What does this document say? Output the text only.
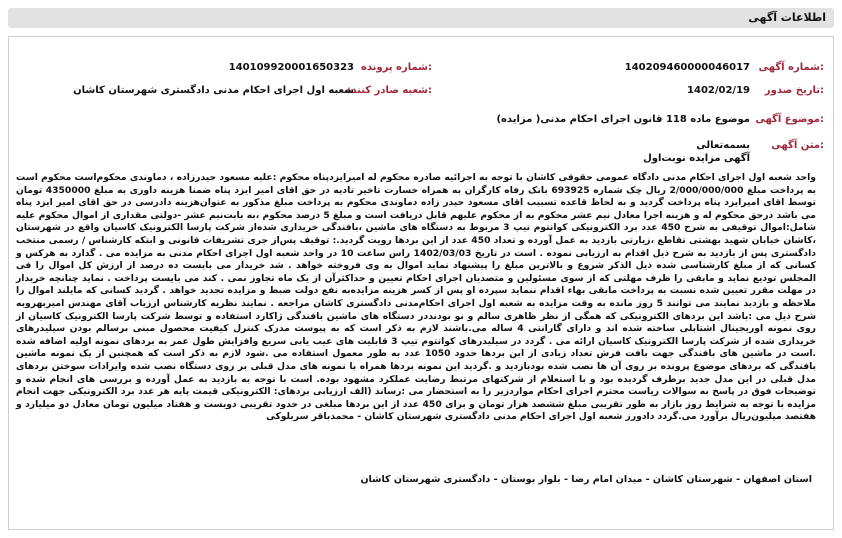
اطلاعات آگهی
شماره آگهی:
140209460000046017
تاریخ صدور:
1402/02/19
شماره پرونده:
140109920001650323
شعبه صادر کننده:
شعبه اول اجرای احکام مدنی دادگستری شهرستان کاشان
موضوع آگهی:
موضوع ماده 118 قانون اجرای احکام مدنی( مزایده)
متن آگهی:
بسمه‌تعالی
آگهی مزایده نوبت‌اول

واحد شعبه اول اجرای احکام مدنی دادگاه عمومی حقوقی کاشان با توجه به اجرائیه صادره محکوم له امیرایزدپناه محکوم :علیه مسعود حیدرزاده ، دماوندی محکوم‌است محکوم است به پرداخت مبلغ 2/000/000/000 ریال چک شماره 693925 بانک رفاه کارگران به همراه خسارت تاخیر تادیه در حق اقای امیر ایزد پناه ضمنا هزینه داوری به مبلغ 4350000 تومان توسط اقای امیرایزد پناه پرداخت گردید و به لحاظ قاعده تسبیب اقای مسعود حیدر زاده دماوندی محکوم به پرداخت مبلغ مذکور به عنوان‌هزینه دادرسی در حق اقای امیر ایزد پناه می باشد درحق محکوم له و هزینه اجرا معادل نیم عشر محکوم به از محکوم علیهم قابل دریافت است و مبلغ 5 درصد محکوم ،به بابت‌نیم عشر -دولتی مقداری از اموال محکوم علیه شامل:اموال توقیفی به شرح 450 عدد برد الکترونیکی کوانتوم تیپ 3 مربوط به دستگاه های ماشین ،بافندگی خریداری شده‌از شرکت پارسا الکترونیک کاسیان واقع در شهرستان ،کاشان خیابان شهید بهشتی تقاطع ،زیارتی بازدید به عمل آورده و تعداد 450 عدد از این بردها رویت گردید.: توقیف پس‌از جری تشریفات قانونی و ابتکه کارشناس / رسمی منتخب دادگستری پس از بازدید به شرح ذیل اقدام به ارزیابی نموده . است در تاریخ 1402/03/03 راس ساعت 10 در واحد شعبه اول اجرای احکام مدنی به مزایده می . گذارد به هرکس و کسانی که از مبلغ کارشناسی شده ذیل الذکر شروع و بالاترین مبلغ را پیشنهاد نماید اموال به وی فروخته خواهد . شد خریدار می بایست ده درصد از ارزش کل اموال را فی المجلس تودیع نماید و مابقی را ظرف مهلتی که از سوی مسئولین و متصدیان اجرای احکام تعیین و حداکثرآن از یک ماه تجاوز نمی . کند می بایست پرداخت . نماید چنانچه خریدار در مهلت مقرر تعیین شده نسبت به پرداخت مابقی بهاء اقدام ننماید سپرده او پس از کسر هزینه مزایده‌به نفع دولت ضبط و مزایده تجدید خواهد . گردید کسانی که مایلند اموال را ملاحظه و بازدید نمایند می توانند 5 روز مانده به وقت مزایده به شعبه اول اجرای احکام‌مدنی دادگستری کاشان مراجعه . نمایند نظریه کارشناس ارزیاب آقای مهندس امیربهروبه شرح ذیل می :باشد این بردهای الکترونیکی که همگی از نظر ظاهری سالم و نو بودنددر دستگاه های ماشین بافندگی ژاکارد استفاده و توسط شرکت پارسا الکترونیک کاسیان از روی نمونه اوریجینال اشتابلی ساخته شده اند و دارای گارانتی 4 ساله می.باشند لازم به ذکر است که به پیوست مدرک کنترل کیفیت محصول مبنی برسالم بودن سیلیدرهای خریداری شده از شرکت پارسا الکترونیک کاسیان ارائه می . گردد در سیلیدرهای کوانتوم تیپ 3 قابلیت های عیب یابی سریع وافزایش طول عمر به بردهای نمونه اولیه اضافه شده .است در ماشین های بافندگی جهت بافت فرش تعداد زیادی از این بردها حدود 1050 عدد به طور معمول استفاده می .شود لازم به ذکر است که همچنین از یک نمونه ماشین بافندگی که بردهای موضوع پرونده بر روی آن ها نصب شده بودبازدید و .گردید این نمونه بردها همراه با نمونه های مدل قبلی بر روی دستگاه نصب شده وایرادات سوختن بردهای مدل قبلی در این مدل جدید برطرف گردیده بود و با استعلام از شرکتهای مرتبط رضایت عملکرد مشهود بوده. است با توجه به بازدید به عمل آورده و بررسی های انجام شده و توضیحات فوق در پاسخ به سوالات ریاست محترم اجرای احکام مواردزیر را به استحضار می :رساند (الف ارزیابی بردهای: الکترونیکی قیمت پایه هر عدد برد الکترونیکی جهت انجام مزایده با توجه به شرایط روز بازار به طور تقریبی مبلغ ششصد هزار تومان و برای 450 عدد از این بردها مبلغی در حدود تقریبی دویست و هفتاد میلیون تومان معادل دو میلیارد و هفتصد میلیون‌ریال برآورد می.گردد دادورز شعبه اول اجرای احکام مدنی دادگستری شهرستان کاشان - محمدباقر سربلوکی

استان اصفهان - شهرستان کاشان - میدان امام رضا - بلوار بوستان - دادگستری شهرستان کاشان
